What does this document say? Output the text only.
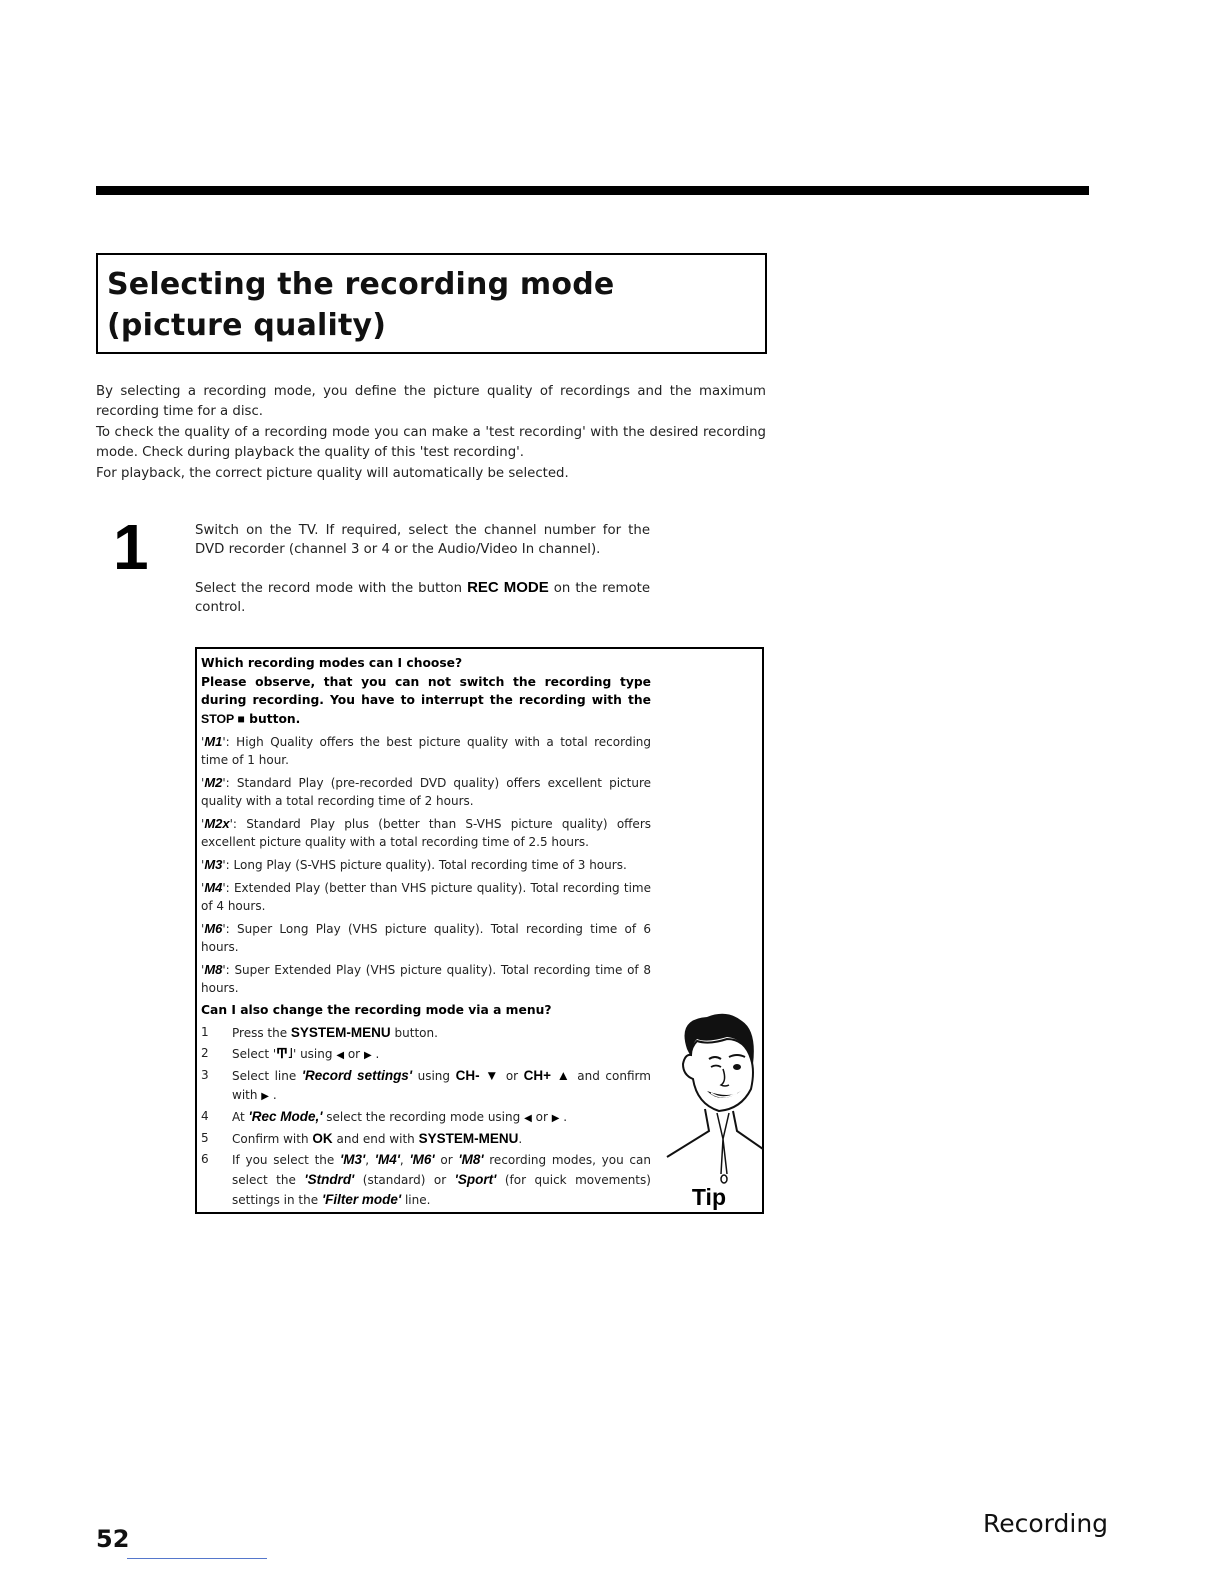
Selecting the recording mode
(picture quality)

By selecting a recording mode, you define the picture quality of recordings and the maximum recording time for a disc.

To check the quality of a recording mode you can make a 'test recording' with the desired recording mode. Check during playback the quality of this 'test recording'.

For playback, the correct picture quality will automatically be selected.

1	Switch on the TV. If required, select the channel number for the DVD recorder (channel 3 or 4 or the Audio/Video In channel).
Select the record mode with the button REC MODE on the remote control.
Which recording modes can I choose?

Please observe, that you can not switch the recording type during recording. You have to interrupt the recording with the STOP ■ button.

'M1': High Quality offers the best picture quality with a total recording time of 1 hour.
'M2': Standard Play (pre-recorded DVD quality) offers excellent picture quality with a total recording time of 2 hours.
'M2x': Standard Play plus (better than S-VHS picture quality) offers excellent picture quality with a total recording time of 2.5 hours.
'M3': Long Play (S-VHS picture quality). Total recording time of 3 hours.
'M4': Extended Play (better than VHS picture quality). Total recording time of 4 hours.
'M6': Super Long Play (VHS picture quality). Total recording time of 6 hours.
'M8': Super Extended Play (VHS picture quality). Total recording time of 8 hours.
Can I also change the recording mode via a menu?
1 Press the SYSTEM-MENU button.
2 Select 'Ͳ˩' using ◀ or ▶ .
3 Select line 'Record settings' using CH- ▼ or CH+ ▲ and confirm with ▶ .
4 At 'Rec Mode,' select the recording mode using ◀ or ▶ .
5 Confirm with OK and end with SYSTEM-MENU.
6 If you select the 'M3', 'M4', 'M6' or 'M8' recording modes, you can select the 'Stndrd' (standard) or 'Sport' (for quick movements) settings in the 'Filter mode' line.	Tip
52
Recording
